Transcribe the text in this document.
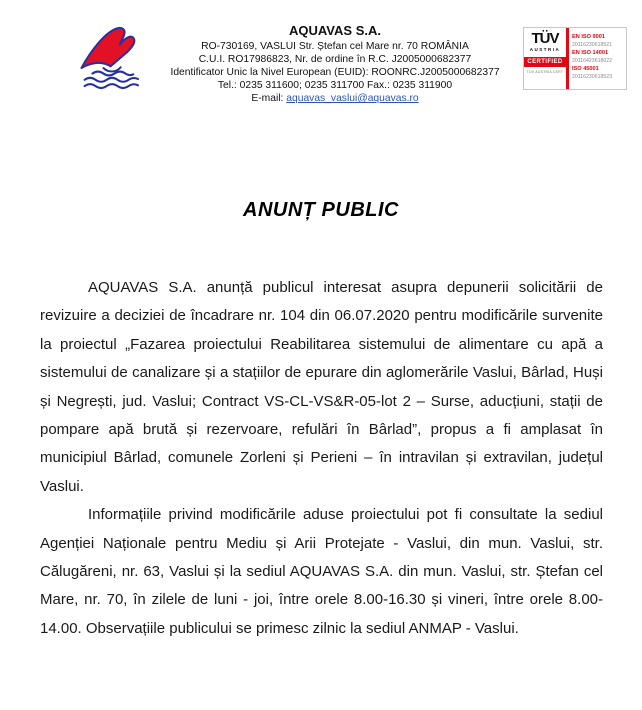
AQUAVAS S.A.
RO-730169, VASLUI Str. Ștefan cel Mare nr. 70 ROMÂNIA
C.U.I. RO17986823, Nr. de ordine în R.C. J2005000682377
Identificator Unic la Nivel European (EUID): ROONRC.J2005000682377
Tel.: 0235 311600; 0235 311700 Fax.: 0235 311900
E-mail: aquavas_vaslui@aquavas.ro
TÜV
AUSTRIA
CERTIFIED
TÜV AUSTRIA CERT
EN ISO 9001
20116230618521
EN ISO 14001
20116423618022
ISO 45001
20116230618523
ANUNȚ PUBLIC

AQUAVAS S.A. anunță publicul interesat asupra depunerii solicitării de revizuire a deciziei de încadrare nr. 104 din 06.07.2020 pentru modificările survenite la proiectul „Fazarea proiectului Reabilitarea sistemului de alimentare cu apă a sistemului de canalizare și a stațiilor de epurare din aglomerările Vaslui, Bârlad, Huși și Negrești, jud. Vaslui; Contract VS-CL-VS&R-05-lot 2 – Surse, aducțiuni, stații de pompare apă brută și rezervoare, refulări în Bârlad”, propus a fi amplasat în municipiul Bârlad, comunele Zorleni și Perieni – în intravilan și extravilan, județul Vaslui.

Informațiile privind modificările aduse proiectului pot fi consultate la sediul Agenției Naționale pentru Mediu și Arii Protejate - Vaslui, din mun. Vaslui, str. Călugăreni, nr. 63, Vaslui și la sediul AQUAVAS S.A. din mun. Vaslui, str. Ștefan cel Mare, nr. 70, în zilele de luni - joi, între orele 8.00-16.30 și vineri, între orele 8.00-14.00. Observațiile publicului se primesc zilnic la sediul ANMAP - Vaslui.
